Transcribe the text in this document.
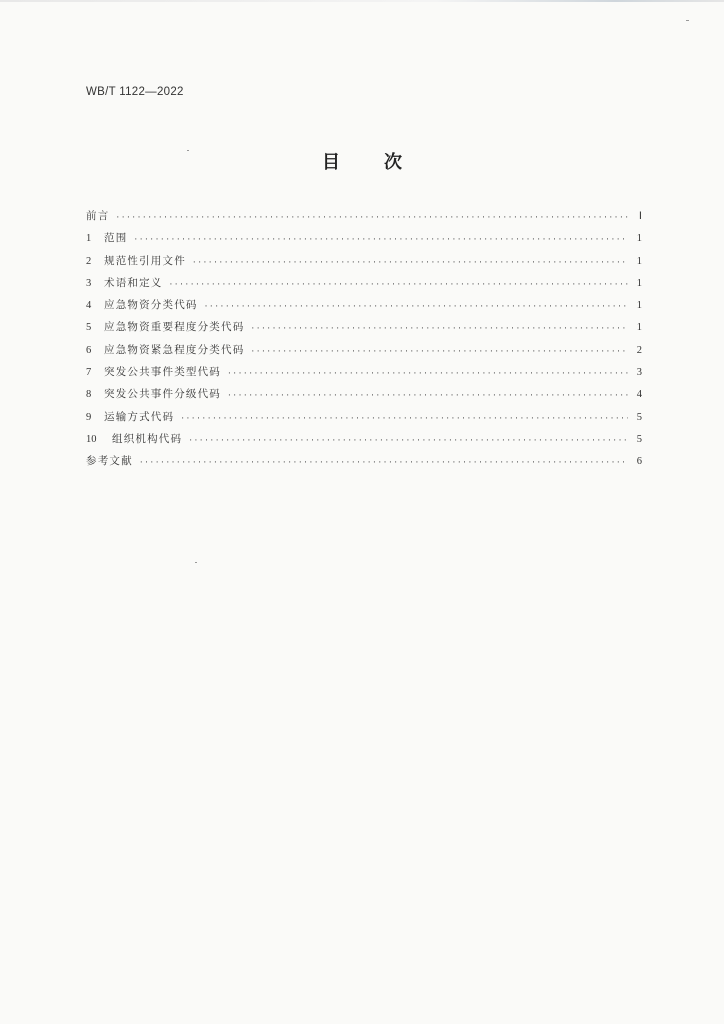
WB/T 1122—2022
目 次
前言 ·····	Ⅰ
1	范围 ·····	1
2	规范性引用文件 ·····	1
3	术语和定义 ·····	1
4	应急物资分类代码 ·····	1
5	应急物资重要程度分类代码 ·····	1
6	应急物资紧急程度分类代码 ·····	2
7	突发公共事件类型代码 ·····	3
8	突发公共事件分级代码 ·····	4
9	运输方式代码 ·····	5
10	组织机构代码 ·····	5
参考文献 ·····	6
